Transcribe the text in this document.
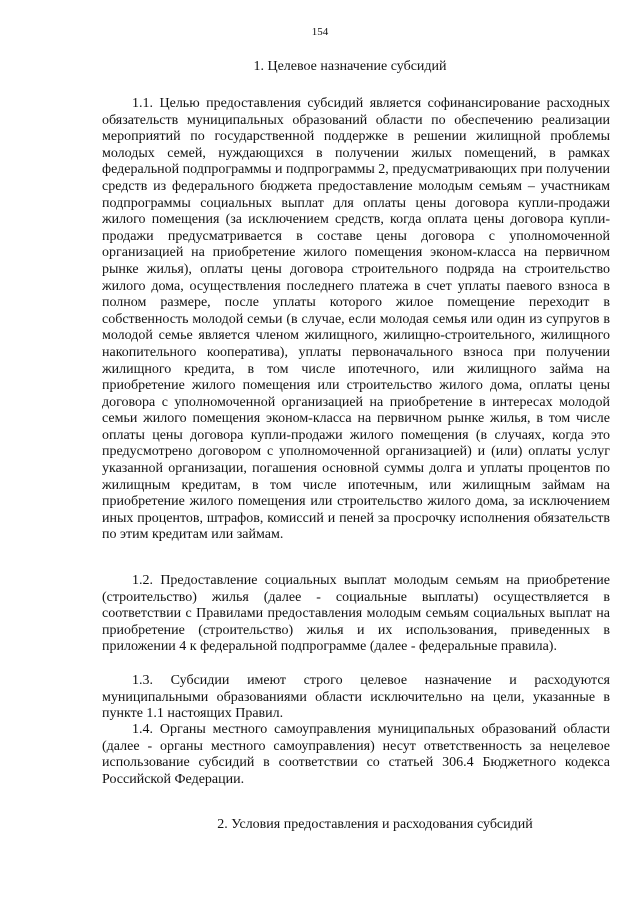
154
1. Целевое назначение субсидий

1.1. Целью предоставления субсидий является софинансирование расходных обязательств муниципальных образований области по обеспечению реализации мероприятий по государственной поддержке в решении жилищной проблемы молодых семей, нуждающихся в получении жилых помещений, в рамках федеральной подпрограммы и подпрограммы 2, предусматривающих при получении средств из федерального бюджета предоставление молодым семьям – участникам подпрограммы социальных выплат для оплаты цены договора купли-продажи жилого помещения (за исключением средств, когда оплата цены договора купли-продажи предусматривается в составе цены договора с уполномоченной организацией на приобретение жилого помещения эконом-класса на первичном рынке жилья), оплаты цены договора строительного подряда на строительство жилого дома, осуществления последнего платежа в счет уплаты паевого взноса в полном размере, после уплаты которого жилое помещение переходит в собственность молодой семьи (в случае, если молодая семья или один из супругов в молодой семье является членом жилищного, жилищно-строительного, жилищного накопительного кооператива), уплаты первоначального взноса при получении жилищного кредита, в том числе ипотечного, или жилищного займа на приобретение жилого помещения или строительство жилого дома, оплаты цены договора с уполномоченной организацией на приобретение в интересах молодой семьи жилого помещения эконом-класса на первичном рынке жилья, в том числе оплаты цены договора купли-продажи жилого помещения (в случаях, когда это предусмотрено договором с уполномоченной организацией) и (или) оплаты услуг указанной организации, погашения основной суммы долга и уплаты процентов по жилищным кредитам, в том числе ипотечным, или жилищным займам на приобретение жилого помещения или строительство жилого дома, за исключением иных процентов, штрафов, комиссий и пеней за просрочку исполнения обязательств по этим кредитам или займам.

1.2. Предоставление социальных выплат молодым семьям на приобретение (строительство) жилья (далее - социальные выплаты) осуществляется в соответствии с Правилами предоставления молодым семьям социальных выплат на приобретение (строительство) жилья и их использования, приведенных в приложении 4 к федеральной подпрограмме (далее - федеральные правила).

1.3. Субсидии имеют строго целевое назначение и расходуются муниципальными образованиями области исключительно на цели, указанные в пункте 1.1 настоящих Правил.

1.4. Органы местного самоуправления муниципальных образований области (далее - органы местного самоуправления) несут ответственность за нецелевое использование субсидий в соответствии со статьей 306.4 Бюджетного кодекса Российской Федерации.

2. Условия предоставления и расходования субсидий
